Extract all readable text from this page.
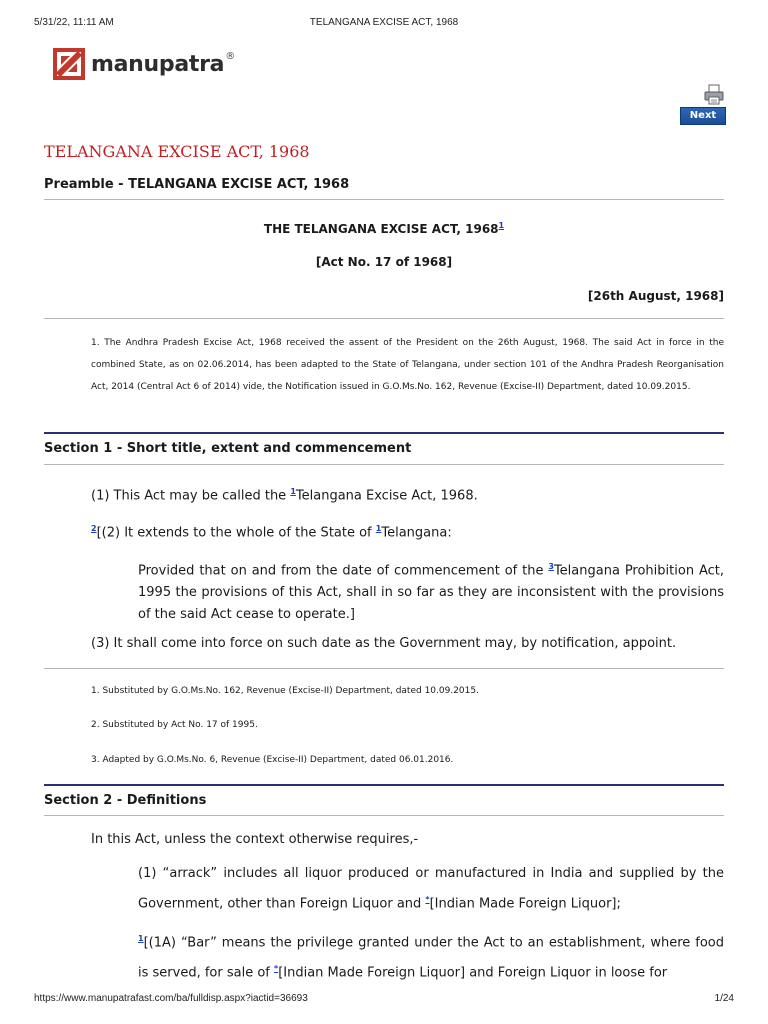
5/31/22, 11:11 AM	TELANGANA EXCISE ACT, 1968
manupatra ®
Next
TELANGANA EXCISE ACT, 1968
Preamble - TELANGANA EXCISE ACT, 1968
THE TELANGANA EXCISE ACT, 1968$^1$
[Act No. 17 of 1968]
[26th August, 1968]
1. The Andhra Pradesh Excise Act, 1968 received the assent of the President on the 26th August, 1968. The said Act in force in the combined State, as on 02.06.2014, has been adapted to the State of Telangana, under section 101 of the Andhra Pradesh Reorganisation Act, 2014 (Central Act 6 of 2014) vide, the Notification issued in G.O.Ms.No. 162, Revenue (Excise-II) Department, dated 10.09.2015.
Section 1 - Short title, extent and commencement
(1) This Act may be called the $^1$Telangana Excise Act, 1968.
$^2$[(2) It extends to the whole of the State of $^1$Telangana:
Provided that on and from the date of commencement of the $^3$Telangana Prohibition Act, 1995 the provisions of this Act, shall in so far as they are inconsistent with the provisions of the said Act cease to operate.]
(3) It shall come into force on such date as the Government may, by notification, appoint.
1. Substituted by G.O.Ms.No. 162, Revenue (Excise-II) Department, dated 10.09.2015.
2. Substituted by Act No. 17 of 1995.
3. Adapted by G.O.Ms.No. 6, Revenue (Excise-II) Department, dated 06.01.2016.
Section 2 - Definitions
In this Act, unless the context otherwise requires,-
(1) “arrack” includes all liquor produced or manufactured in India and supplied by the Government, other than Foreign Liquor and *[Indian Made Foreign Liquor];
$^1$[(1A) “Bar” means the privilege granted under the Act to an establishment, where food is served, for sale of *[Indian Made Foreign Liquor] and Foreign Liquor in loose for
https://www.manupatrafast.com/ba/fulldisp.aspx?iactid=36693	1/24
